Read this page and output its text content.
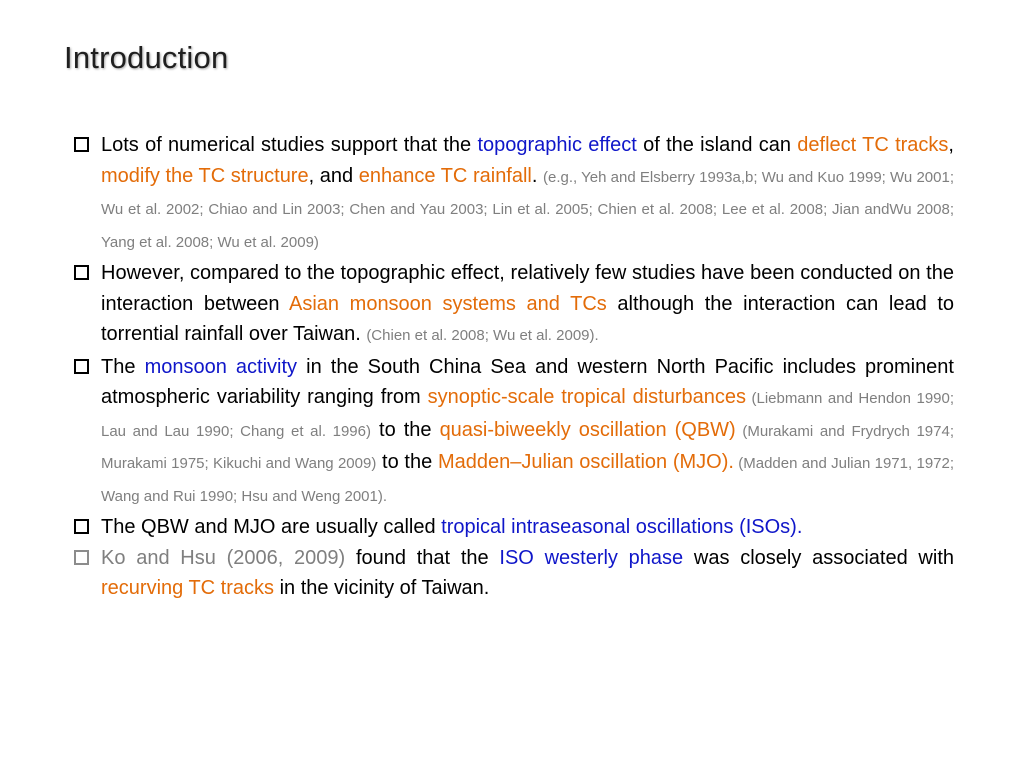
Introduction
Lots of numerical studies support that the topographic effect of the island can deflect TC tracks, modify the TC structure, and enhance TC rainfall. (e.g., Yeh and Elsberry 1993a,b; Wu and Kuo 1999; Wu 2001; Wu et al. 2002; Chiao and Lin 2003; Chen and Yau 2003; Lin et al. 2005; Chien et al. 2008; Lee et al. 2008; Jian andWu 2008; Yang et al. 2008; Wu et al. 2009)
However, compared to the topographic effect, relatively few studies have been conducted on the interaction between Asian monsoon systems and TCs although the interaction can lead to torrential rainfall over Taiwan. (Chien et al. 2008; Wu et al. 2009).
The monsoon activity in the South China Sea and western North Pacific includes prominent atmospheric variability ranging from synoptic-scale tropical disturbances (Liebmann and Hendon 1990; Lau and Lau 1990; Chang et al. 1996) to the quasi-biweekly oscillation (QBW) (Murakami and Frydrych 1974; Murakami 1975; Kikuchi and Wang 2009) to the Madden–Julian oscillation (MJO). (Madden and Julian 1971, 1972; Wang and Rui 1990; Hsu and Weng 2001).
The QBW and MJO are usually called tropical intraseasonal oscillations (ISOs).
Ko and Hsu (2006, 2009) found that the ISO westerly phase was closely associated with recurving TC tracks in the vicinity of Taiwan.
